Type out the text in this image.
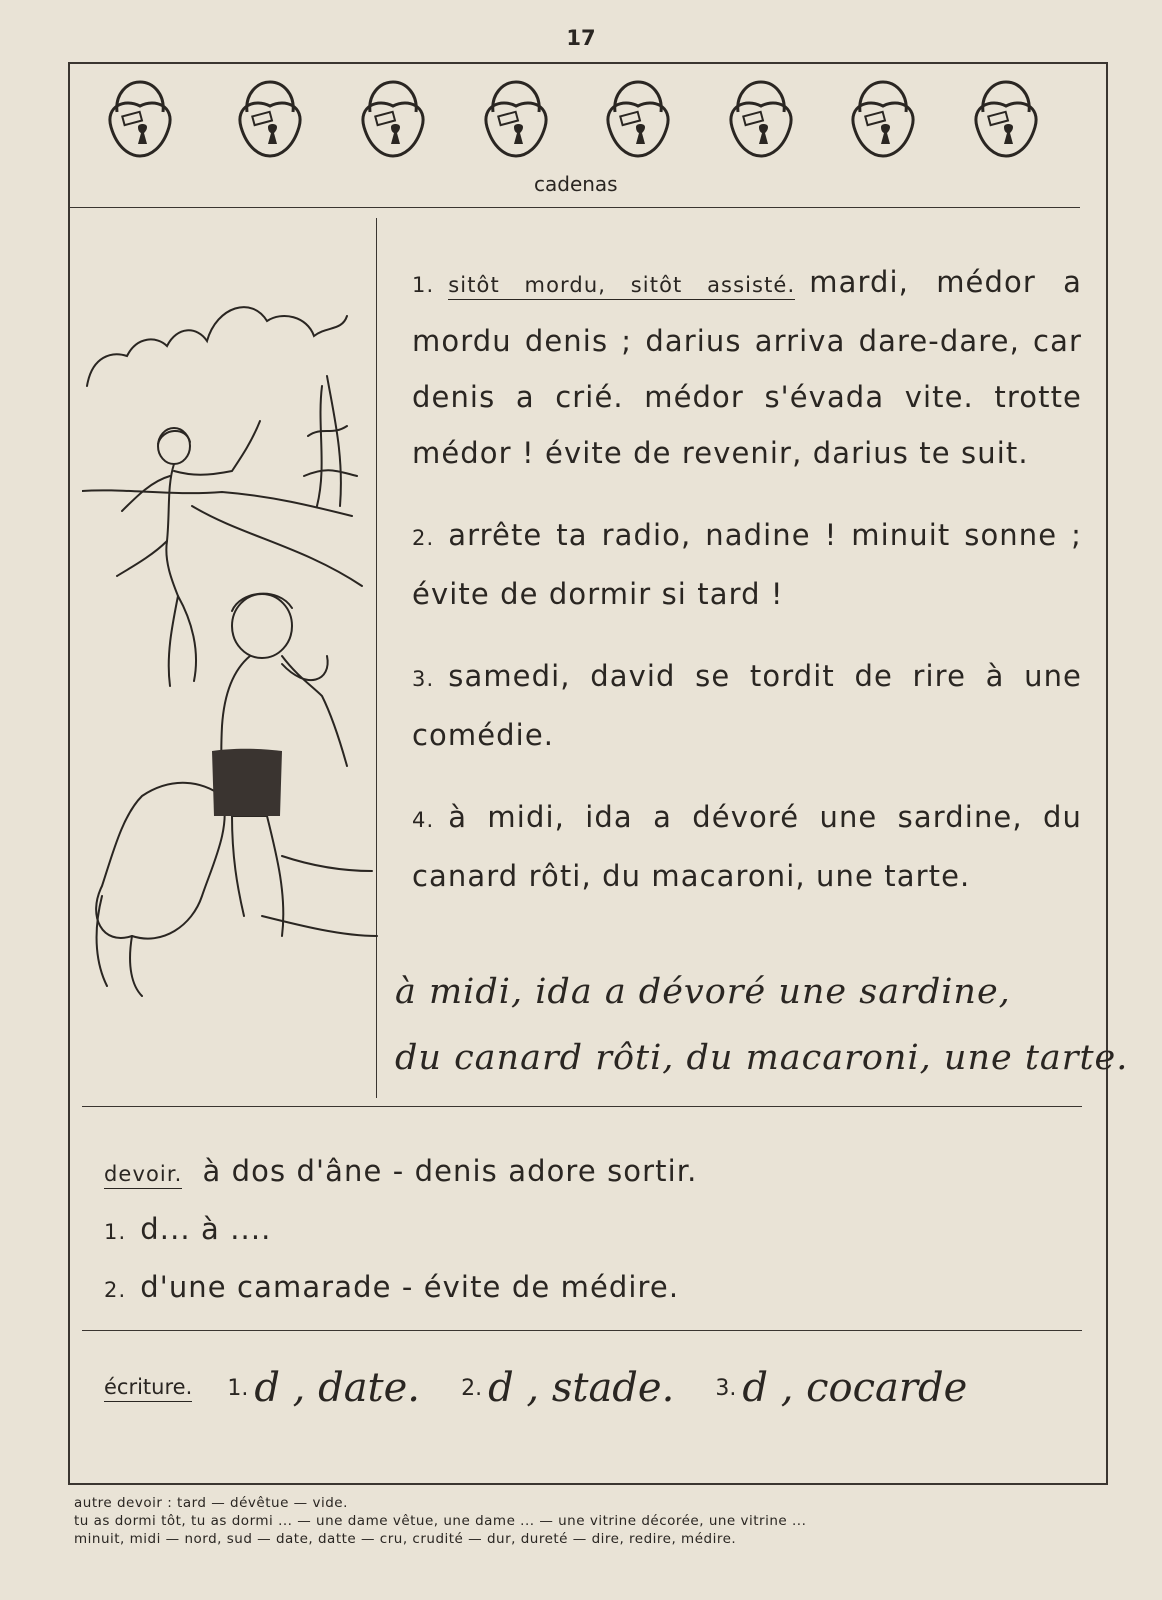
17
cadenas

1. sitôt mordu, sitôt assisté. mardi, médor a mordu denis ; darius arriva dare-dare, car denis a crié. médor s'évada vite. trotte médor ! évite de revenir, darius te suit.

2. arrête ta radio, nadine ! minuit sonne ; évite de dormir si tard !

3. samedi, david se tordit de rire à une comédie.

4. à midi, ida a dévoré une sardine, du canard rôti, du macaroni, une tarte.

à midi, ida a dévoré une sardine,
du canard rôti, du macaroni, une tarte.
devoir. à dos d'âne - denis adore sortir.
1. d... à ....
2. d'une camarade - évite de médire.
écriture. 1. d , date. 2. d , stade. 3. d , cocarde
autre devoir : tard — dévêtue — vide.
tu as dormi tôt, tu as dormi ... — une dame vêtue, une dame ... — une vitrine décorée, une vitrine ...
minuit, midi — nord, sud — date, datte — cru, crudité — dur, dureté — dire, redire, médire.
